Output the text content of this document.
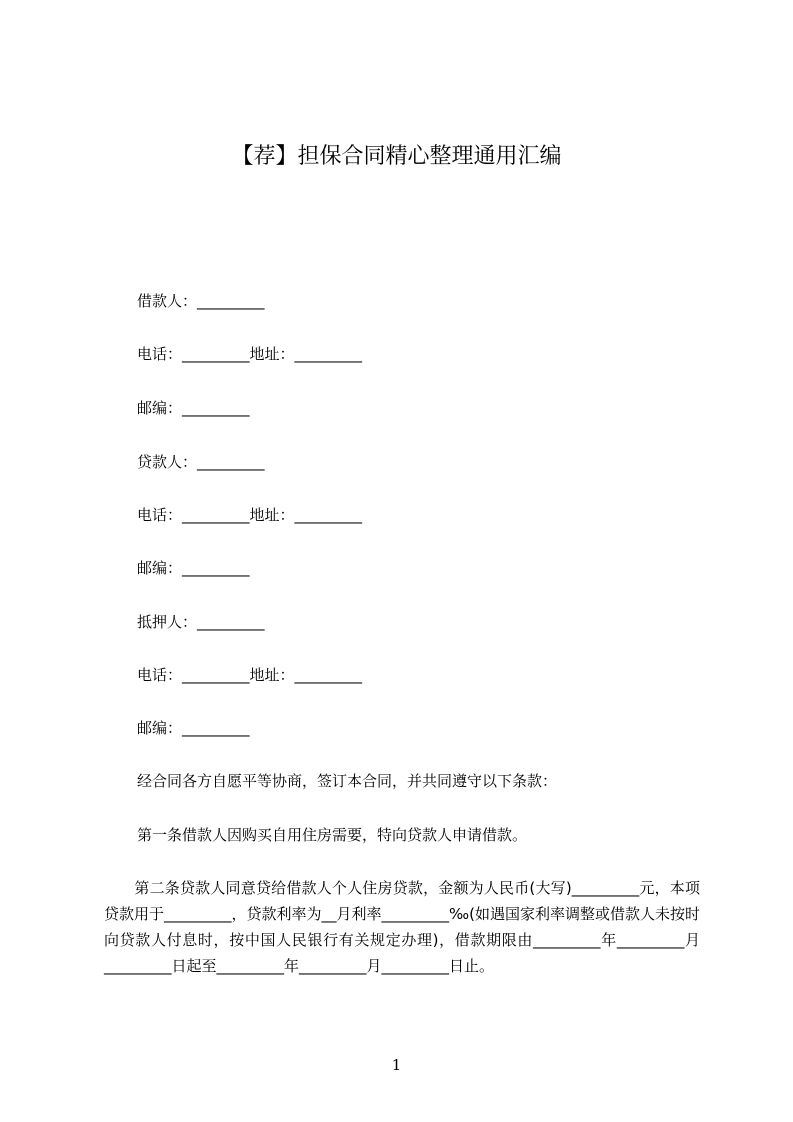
【荐】担保合同精心整理通用汇编

借款人：_________

电话：_________地址：_________

邮编：_________

贷款人：_________

电话：_________地址：_________

邮编：_________

抵押人：_________

电话：_________地址：_________

邮编：_________

经合同各方自愿平等协商，签订本合同，并共同遵守以下条款：

第一条借款人因购买自用住房需要，特向贷款人申请借款。

　　第二条贷款人同意贷给借款人个人住房贷款，金额为人民币(大写)_________元，本项贷款用于_________，贷款利率为__月利率_________‰(如遇国家利率调整或借款人未按时向贷款人付息时，按中国人民银行有关规定办理)，借款期限由_________年_________月_________日起至_________年_________月_________日止。

1
